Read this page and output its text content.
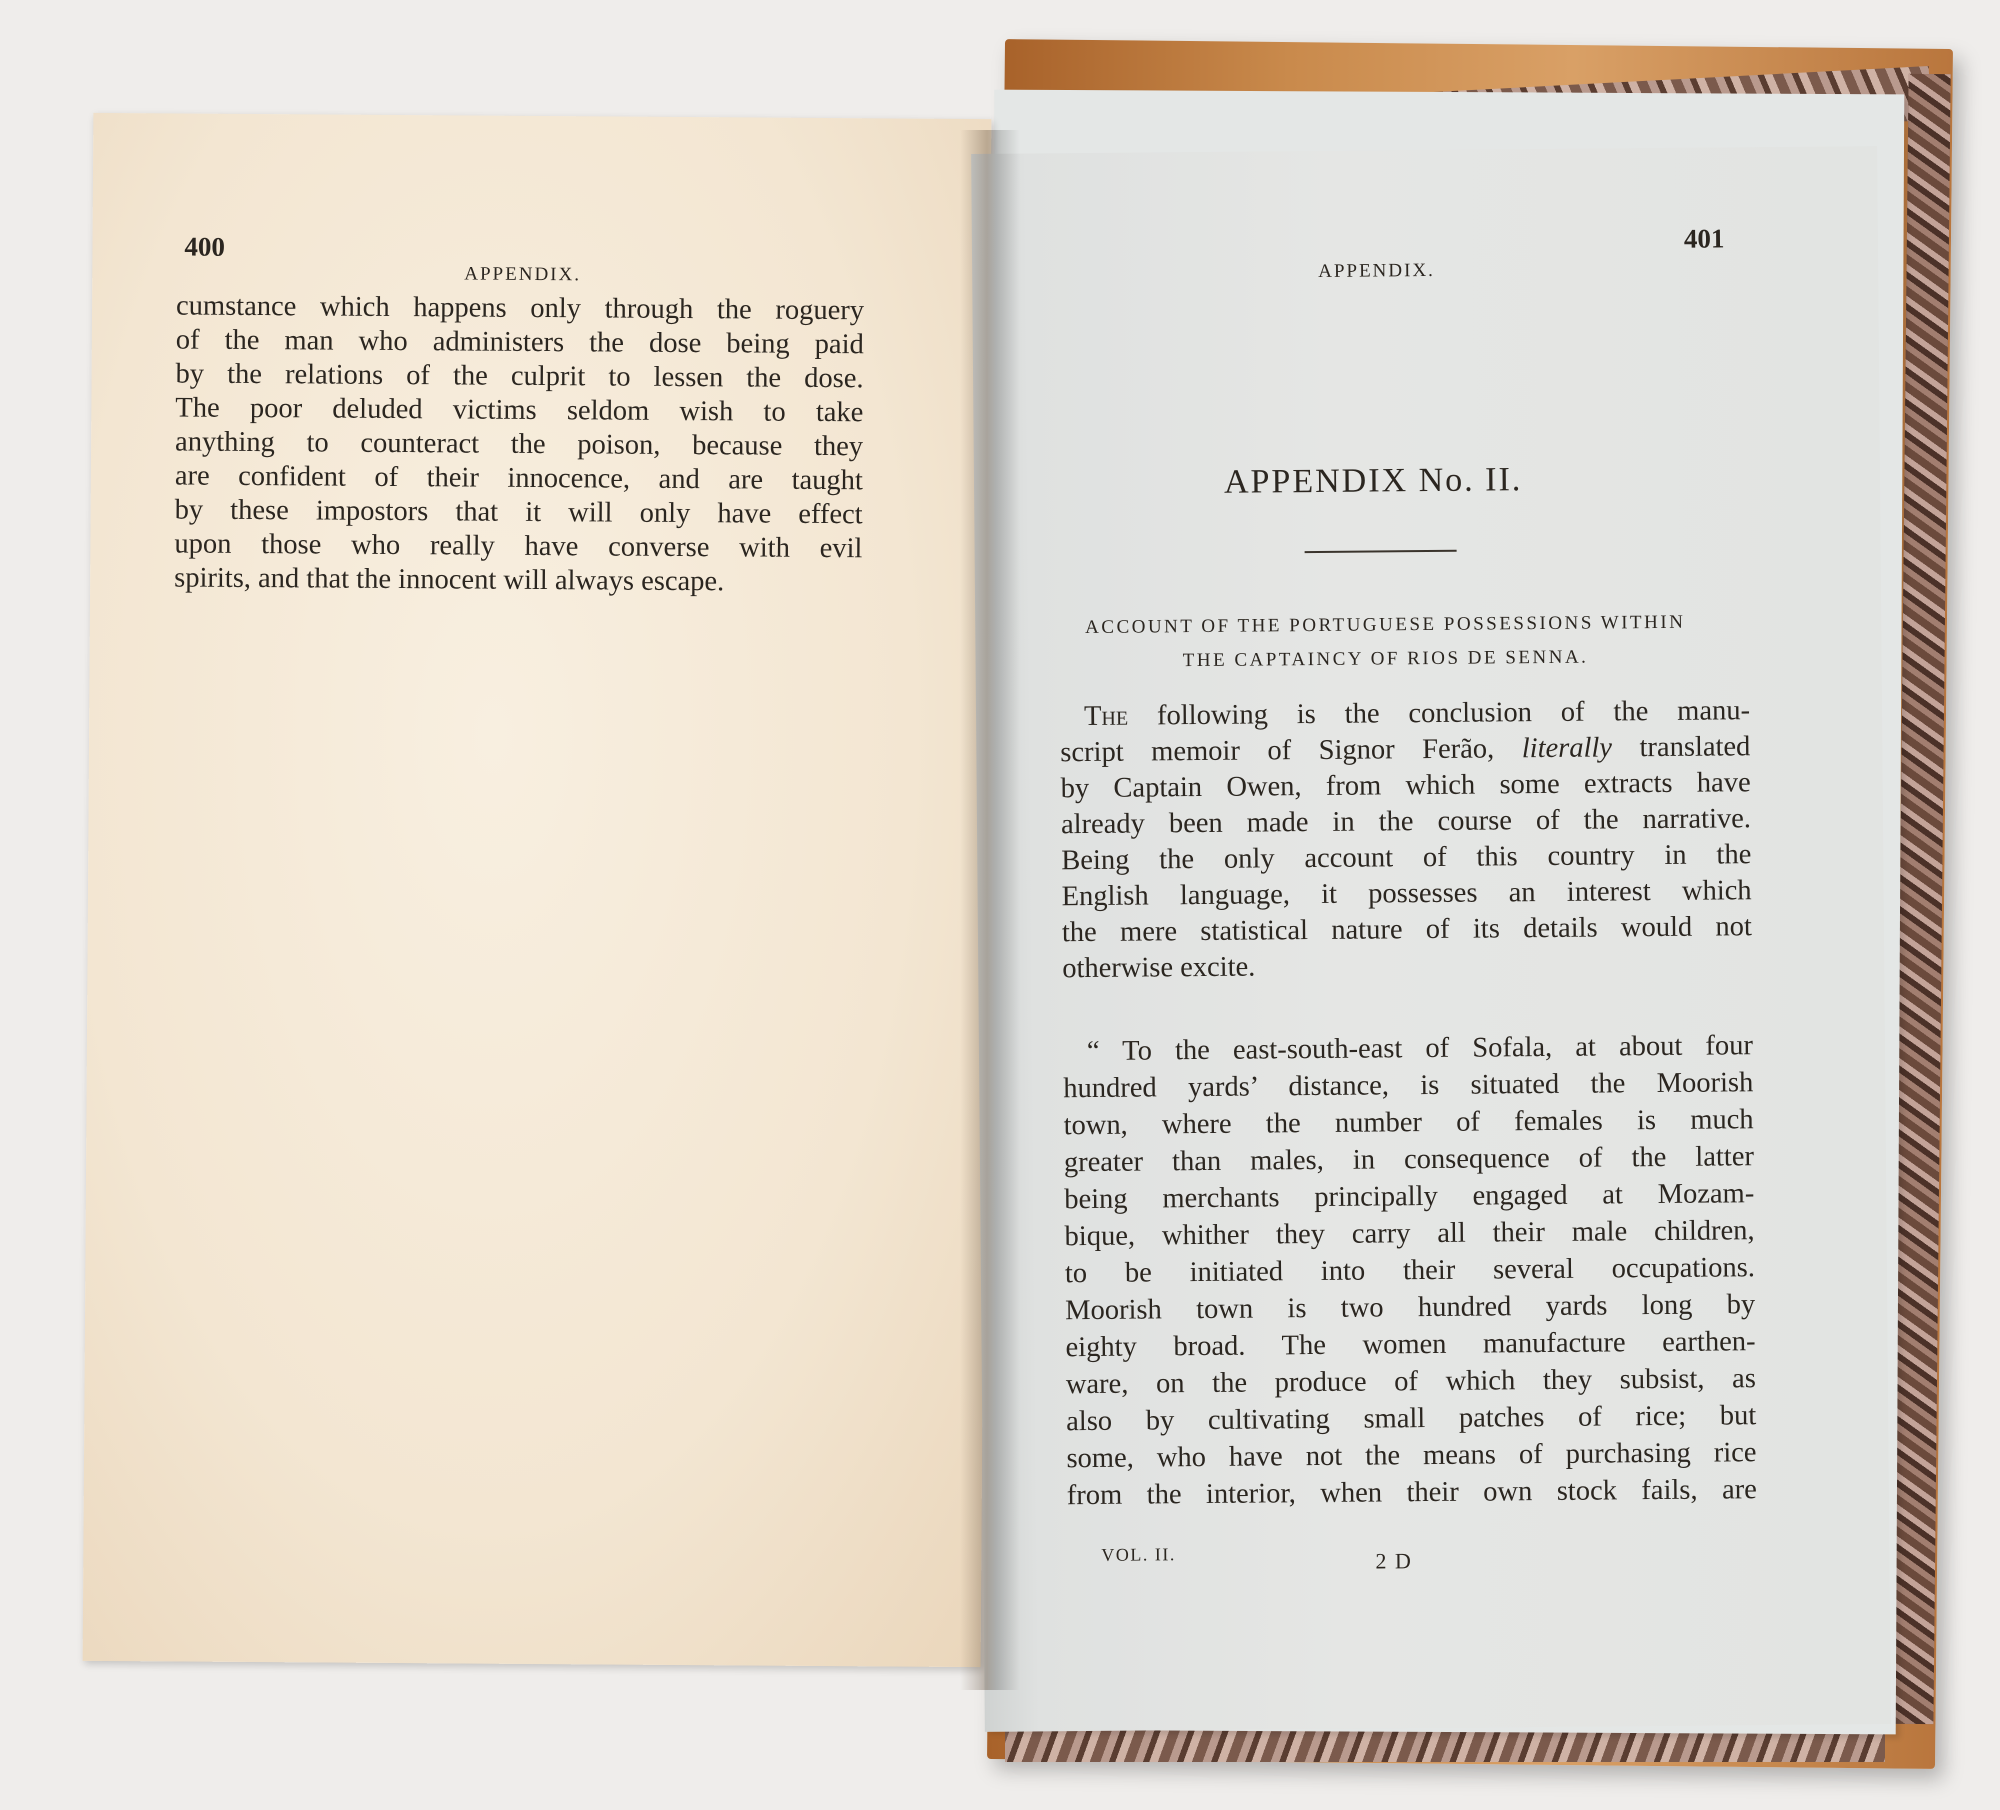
400
APPENDIX.
cumstance which happens only through the roguery
of the man who administers the dose being paid
by the relations of the culprit to lessen the dose.
The poor deluded victims seldom wish to take
anything to counteract the poison, because they
are confident of their innocence, and are taught
by these impostors that it will only have effect
upon those who really have converse with evil
spirits, and that the innocent will always escape.
401
APPENDIX.
APPENDIX No. II.
ACCOUNT OF THE PORTUGUESE POSSESSIONS WITHIN
THE CAPTAINCY OF RIOS DE SENNA.
The following is the conclusion of the manu-
script memoir of Signor Ferão, literally translated
by Captain Owen, from which some extracts have
already been made in the course of the narrative.
Being the only account of this country in the
English language, it possesses an interest which
the mere statistical nature of its details would not
otherwise excite.
“ To the east-south-east of Sofala, at about four
hundred yards’ distance, is situated the Moorish
town, where the number of females is much
greater than males, in consequence of the latter
being merchants principally engaged at Mozam-
bique, whither they carry all their male children,
to be initiated into their several occupations.
Moorish town is two hundred yards long by
eighty broad. The women manufacture earthen-
ware, on the produce of which they subsist, as
also by cultivating small patches of rice; but
some, who have not the means of purchasing rice
from the interior, when their own stock fails, are
VOL. II.	2 D
